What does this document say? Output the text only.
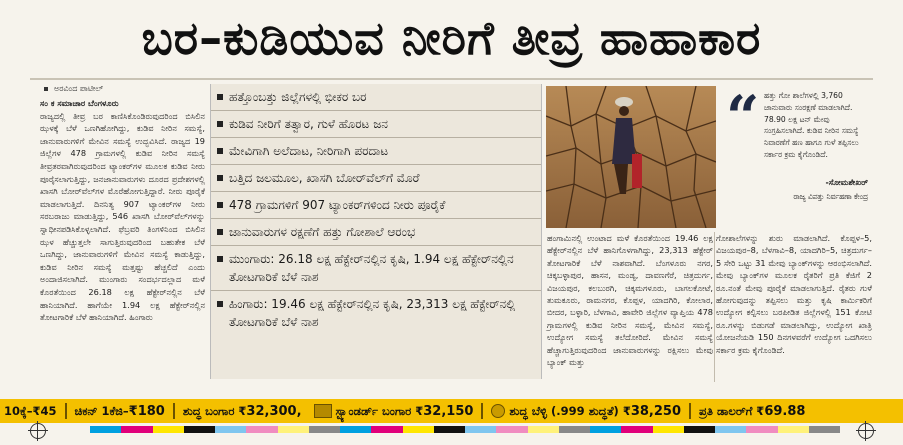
ಬರ–ಕುಡಿಯುವ ನೀರಿಗೆ ತೀವ್ರ ಹಾಹಾಕಾರ
ಅರವಿಂದ ಪಾಟೀಲ್

ಸಂ ಕ ಸಮಾಚಾರ ಬೆಂಗಳೂರು

ರಾಜ್ಯದಲ್ಲಿ ತೀವ್ರ ಬರ ಕಾಣಿಸಿಕೊಂಡಿರುವುದರಿಂದ ಬಿಸಿಲಿನ ಝಳಕ್ಕೆ ಬೆಳೆ ಒಣಗಿಹೋಗಿದ್ದು, ಕುಡಿವ ನೀರಿನ ಸಮಸ್ಯೆ, ಜಾನುವಾರುಗಳಿಗೆ ಮೇವಿನ ಸಮಸ್ಯೆ ಉದ್ಭವಿಸಿದೆ. ರಾಜ್ಯದ 19 ಜಿಲ್ಲೆಗಳ 478 ಗ್ರಾಮಗಳಲ್ಲಿ ಕುಡಿವ ನೀರಿನ ಸಮಸ್ಯೆ ತೀವ್ರತರವಾಗಿರುವುದರಿಂದ ಟ್ಯಾಂಕರ್‌ಗಳ ಮೂಲಕ ಕುಡಿವ ನೀರು ಪೂರೈಸಲಾಗುತ್ತಿದ್ದು, ಜನಜಾನುವಾರುಗಳು ದೂರದ ಪ್ರದೇಶಗಳಲ್ಲಿ ಖಾಸಗಿ ಬೋರ್‌ವೆಲ್‌ಗಳ ಮೊರೆಹೋಗುತ್ತಿದ್ದಾರೆ. ನೀರು ಪೂರೈಕೆ ಮಾಡಲಾಗುತ್ತಿದೆ. ದಿನನಿತ್ಯ 907 ಟ್ಯಾಂಕರ್‌ಗಳ ನೀರು ಸರಬರಾಜು ಮಾಡುತ್ತಿದ್ದು, 546 ಖಾಸಗಿ ಬೋರ್‌ವೆಲ್‌ಗಳನ್ನು ಸ್ವಾಧೀನಪಡಿಸಿಕೊಳ್ಳಲಾಗಿದೆ. ಫೆಬ್ರವರಿ ತಿಂಗಳಿನಿಂದ ಬಿಸಿಲಿನ ಝಳ ಹೆಚ್ಚುತ್ತಲೇ ಸಾಗುತ್ತಿರುವುದರಿಂದ ಬಹುತೇಕ ಬೆಳೆ ಒಣಗಿದ್ದು, ಜಾನುವಾರುಗಳಿಗೆ ಮೇವಿನ ಸಮಸ್ಯೆ ಕಾಡುತ್ತಿದ್ದು, ಕುಡಿವ ನೀರಿನ ಸಮಸ್ಯೆ ಮತ್ತಷ್ಟು ಹೆಚ್ಚಲಿದೆ ಎಂದು ಅಂದಾಜಿಸಲಾಗಿದೆ. ಮುಂಗಾರು ಸಂದರ್ಭದಲ್ಲಾದ ಮಳೆ ಕೊರತೆಯಿಂದ 26.18 ಲಕ್ಷ ಹೆಕ್ಟೇರ್‌ನಲ್ಲಿನ ಬೆಳೆ ಹಾನಿಯಾಗಿದೆ. ಹಾಗೆಯೇ 1.94 ಲಕ್ಷ ಹೆಕ್ಟೇರ್‌ನಲ್ಲಿನ ತೋಟಗಾರಿಕೆ ಬೆಳೆ ಹಾನಿಯಾಗಿದೆ. ಹಿಂಗಾರು

ಹತ್ತೊಂಬತ್ತು ಜಿಲ್ಲೆಗಳಲ್ಲಿ ಭೀಕರ ಬರ
ಕುಡಿವ ನೀರಿಗೆ ತತ್ವಾರ, ಗುಳೆ ಹೊರಟ ಜನ
ಮೇವಿಗಾಗಿ ಅಲೆದಾಟ, ನೀರಿಗಾಗಿ ಪರದಾಟ
ಬತ್ತಿದ ಜಲಮೂಲ, ಖಾಸಗಿ ಬೋರ್‌ವೆಲ್‌ಗೆ ಮೊರೆ
478 ಗ್ರಾಮಗಳಿಗೆ 907 ಟ್ಯಾಂಕರ್‌ಗಳಿಂದ ನೀರು ಪೂರೈಕೆ
ಜಾನುವಾರುಗಳ ರಕ್ಷಣೆಗೆ ಹತ್ತು ಗೋಶಾಲೆ ಆರಂಭ
ಮುಂಗಾರು: 26.18 ಲಕ್ಷ ಹೆಕ್ಟೇರ್‌ನಲ್ಲಿನ ಕೃಷಿ, 1.94 ಲಕ್ಷ ಹೆಕ್ಟೇರ್‌ನಲ್ಲಿನ ತೋಟಗಾರಿಕೆ ಬೆಳೆ ನಾಶ
ಹಿಂಗಾರು: 19.46 ಲಕ್ಷ ಹೆಕ್ಟೇರ್‌ನಲ್ಲಿನ ಕೃಷಿ, 23,313 ಲಕ್ಷ ಹೆಕ್ಟೇರ್‌ನಲ್ಲಿ ತೋಟಗಾರಿಕೆ ಬೆಳೆ ನಾಶ
“ ಹತ್ತು ಗೋ ಶಾಲೆಗಳಲ್ಲಿ 3,760 ಜಾನುವಾರು ಸಂರಕ್ಷಣೆ ಮಾಡಲಾಗಿದೆ. 78.90 ಲಕ್ಷ ಟನ್ ಮೇವು ಸಂಗ್ರಹಿಸಲಾಗಿದೆ. ಕುಡಿವ ನೀರಿನ ಸಮಸ್ಯೆ ನಿವಾರಣೆಗೆ ಹಣ ಹಾಗೂ ಗುಳೆ ತಪ್ಪಿಸಲು ಸರ್ಕಾರ ಕ್ರಮ ಕೈಗೊಂಡಿದೆ.
-ಸೋಮಶೇಖರ್
ರಾಜ್ಯ ವಿಪತ್ತು ನಿರ್ವಹಣಾ ಕೇಂದ್ರ

ಹಂಗಾಮಿನಲ್ಲಿ ಉಂಟಾದ ಮಳೆ ಕೊರತೆಯಿಂದ 19.46 ಲಕ್ಷ ಹೆಕ್ಟೇರ್‌ನಲ್ಲಿನ ಬೆಳೆ ಹಾನಿಗೊಳಗಾಗಿದ್ದು, 23,313 ಹೆಕ್ಟೇರ್ ತೋಟಗಾರಿಕೆ ಬೆಳೆ ನಾಶವಾಗಿದೆ. ಬೆಂಗಳೂರು ನಗರ, ಚಿಕ್ಕಬಳ್ಳಾಪುರ, ಹಾಸನ, ಮಂಡ್ಯ, ದಾವಣಗೆರೆ, ಚಿತ್ರದುರ್ಗ, ವಿಜಯಪುರ, ಕಲಬುರಗಿ, ಚಿಕ್ಕಮಗಳೂರು, ಬಾಗಲಕೋಟೆ, ತುಮಕೂರು, ರಾಮನಗರ, ಕೊಪ್ಪಳ, ಯಾದಗಿರಿ, ಕೋಲಾರ, ಬೀದರ, ಬಳ್ಳಾರಿ, ಬೆಳಗಾವಿ, ಹಾವೇರಿ ಜಿಲ್ಲೆಗಳ ವ್ಯಾಪ್ತಿಯ 478 ಗ್ರಾಮಗಳಲ್ಲಿ ಕುಡಿವ ನೀರಿನ ಸಮಸ್ಯೆ, ಮೇವಿನ ಸಮಸ್ಯೆ, ಉದ್ಯೋಗ ಸಮಸ್ಯೆ ತಲೆದೋರಿದೆ. ಮೇವಿನ ಸಮಸ್ಯೆ ಹೆಚ್ಚಾಗುತ್ತಿರುವುದರಿಂದ ಜಾನುವಾರುಗಳನ್ನು ರಕ್ಷಿಸಲು ಮೇವು ಬ್ಯಾಂಕ್ ಮತ್ತು

ಗೋಶಾಲೆಗಳನ್ನು ಶುರು ಮಾಡಲಾಗಿದೆ. ಕೊಪ್ಪಳ–5, ವಿಜಯಪುರ–8, ಬೆಳಗಾವಿ–8, ಯಾದಗಿರಿ–5, ಚಿತ್ರದುರ್ಗ–5 ಸೇರಿ ಒಟ್ಟು 31 ಮೇವು ಬ್ಯಾಂಕ್‌ಗಳನ್ನು ಆರಂಭಿಸಲಾಗಿದೆ. ಮೇವು ಬ್ಯಾಂಕ್‌ಗಳ ಮೂಲಕ ರೈತರಿಗೆ ಪ್ರತಿ ಕೆಜಿಗೆ 2 ರೂ.ನಂತೆ ಮೇವು ಪೂರೈಕೆ ಮಾಡಲಾಗುತ್ತಿದೆ. ರೈತರು ಗುಳೆ ಹೋಗುವುದನ್ನು ತಪ್ಪಿಸಲು ಮತ್ತು ಕೃಷಿ ಕಾರ್ಮಿಕರಿಗೆ ಉದ್ಯೋಗ ಕಲ್ಪಿಸಲು ಬರಪೀಡಿತ ಜಿಲ್ಲೆಗಳಲ್ಲಿ 151 ಕೋಟಿ ರೂ.ಗಳನ್ನು ಬಿಡುಗಡೆ ಮಾಡಲಾಗಿದ್ದು, ಉದ್ಯೋಗ ಖಾತ್ರಿ ಯೋಜನೆಯಡಿ 150 ದಿನಗಳವರೆಗೆ ಉದ್ಯೋಗ ಒದಗಿಸಲು ಸರ್ಕಾರ ಕ್ರಮ ಕೈಗೊಂಡಿದೆ.

10ಕ್ಕೆ–₹45 ಚಿಕನ್ 1ಕೆಜಿ– ₹180 ಶುದ್ಧ ಬಂಗಾರ ₹ 32,300,	ಸ್ಟ್ಯಾಂಡರ್ಡ್ ಬಂಗಾರ ₹ 32,150	ಶುದ್ಧ ಬೆಳ್ಳಿ (.999 ಶುದ್ಧತೆ) ₹ 38,250 ಪ್ರತಿ ಡಾಲರ್‌ಗೆ ₹ 69.88
